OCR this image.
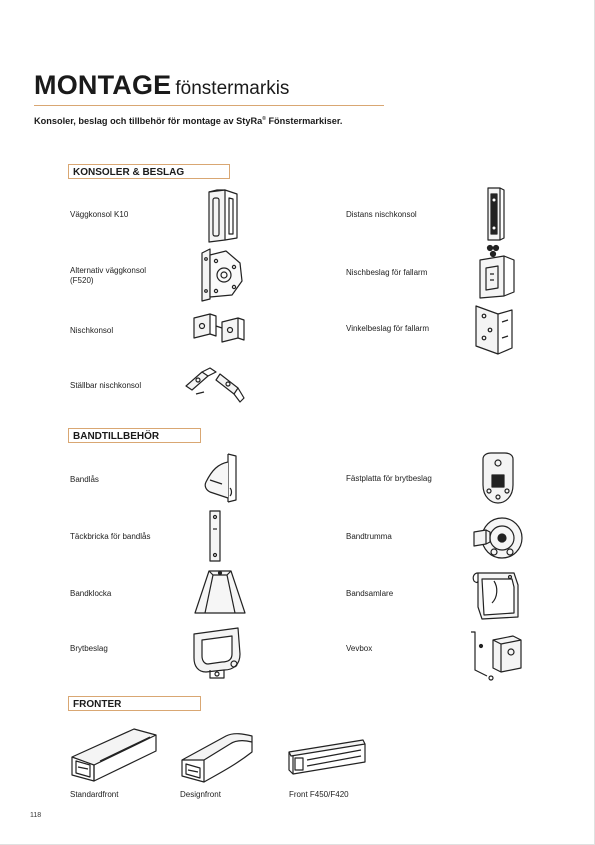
MONTAGE fönstermarkis
Konsoler, beslag och tillbehör för montage av StyRa® Fönstermarkiser.
KONSOLER & BESLAG
Väggkonsol K10
Alternativ väggkonsol
(F520)
Nischkonsol
Ställbar nischkonsol
Distans nischkonsol
Nischbeslag för fallarm
Vinkelbeslag för fallarm
BANDTILLBEHÖR
Bandlås
Täckbricka för bandlås
Bandklocka
Brytbeslag
Fästplatta för brytbeslag
Bandtrumma
Bandsamlare
Vevbox
FRONTER
Standardfront	Designfront	Front F450/F420
118
